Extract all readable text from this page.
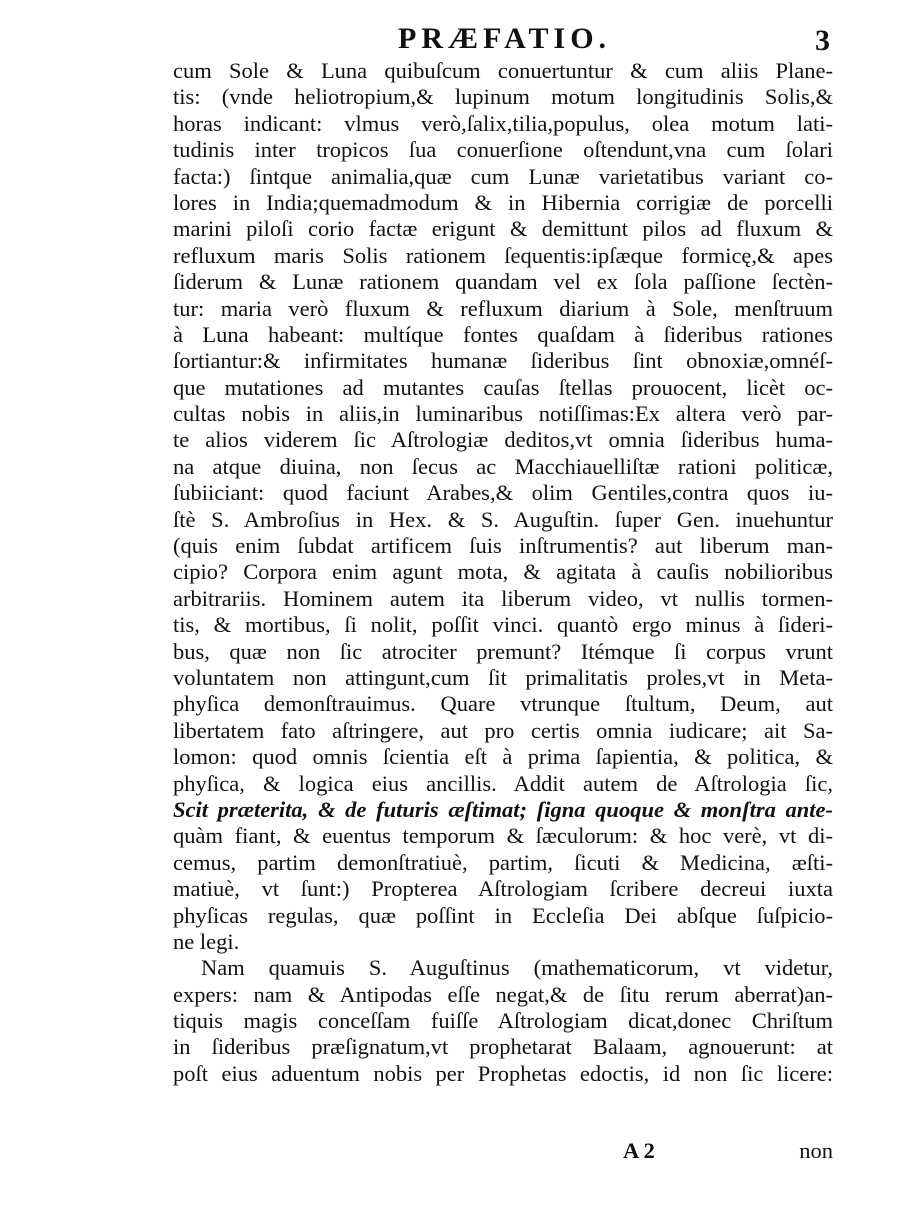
PRÆFATIO.	3
cum Sole & Luna quibuſcum conuertuntur & cum aliis Plane-
tis: (vnde heliotropium,& lupinum motum longitudinis Solis,&
horas indicant: vlmus verò,ſalix,tilia,populus, olea motum lati-
tudinis inter tropicos ſua conuerſione oſtendunt,vna cum ſolari
facta:) ſintque animalia,quæ cum Lunæ varietatibus variant co-
lores in India;quemadmodum & in Hibernia corrigiæ de porcelli
marini piloſi corio factæ erigunt & demittunt pilos ad fluxum &
refluxum maris Solis rationem ſequentis:ipſæque formicę,& apes
ſiderum & Lunæ rationem quandam vel ex ſola paſſione ſectèn-
tur: maria verò fluxum & refluxum diarium à Sole, menſtruum
à Luna habeant: multíque fontes quaſdam à ſideribus rationes
ſortiantur:& infirmitates humanæ ſideribus ſint obnoxiæ,omnéſ-
que mutationes ad mutantes cauſas ſtellas prouocent, licèt oc-
cultas nobis in aliis,in luminaribus notiſſimas:Ex altera verò par-
te alios viderem ſic Aſtrologiæ deditos,vt omnia ſideribus huma-
na atque diuina, non ſecus ac Macchiauelliſtæ rationi politicæ,
ſubiiciant: quod faciunt Arabes,& olim Gentiles,contra quos iu-
ſtè S. Ambroſius in Hex. & S. Auguſtin. ſuper Gen. inuehuntur
(quis enim ſubdat artificem ſuis inſtrumentis? aut liberum man-
cipio? Corpora enim agunt mota, & agitata à cauſis nobilioribus
arbitrariis. Hominem autem ita liberum video, vt nullis tormen-
tis, & mortibus, ſi nolit, poſſit vinci. quantò ergo minus à ſideri-
bus, quæ non ſic atrociter premunt? Itémque ſi corpus vrunt
voluntatem non attingunt,cum ſit primalitatis proles,vt in Meta-
phyſica demonſtrauimus. Quare vtrunque ſtultum, Deum, aut
libertatem fato aſtringere, aut pro certis omnia iudicare; ait Sa-
lomon: quod omnis ſcientia eſt à prima ſapientia, & politica, &
phyſica, & logica eius ancillis. Addit autem de Aſtrologia ſic,
Scit præterita, & de futuris æſtimat; ſigna quoque & monſtra ante-
quàm fiant, & euentus temporum & ſæculorum: & hoc verè, vt di-
cemus, partim demonſtratiuè, partim, ſicuti & Medicina, æſti-
matiuè, vt ſunt:) Propterea Aſtrologiam ſcribere decreui iuxta
phyſicas regulas, quæ poſſint in Eccleſia Dei abſque ſuſpicio-
ne legi.
Nam quamuis S. Auguſtinus (mathematicorum, vt videtur,
expers: nam & Antipodas eſſe negat,& de ſitu rerum aberrat)an-
tiquis magis conceſſam fuiſſe Aſtrologiam dicat,donec Chriſtum
in ſideribus præſignatum,vt prophetarat Balaam, agnouerunt: at
poſt eius aduentum nobis per Prophetas edoctis, id non ſic licere:
A 2	non
